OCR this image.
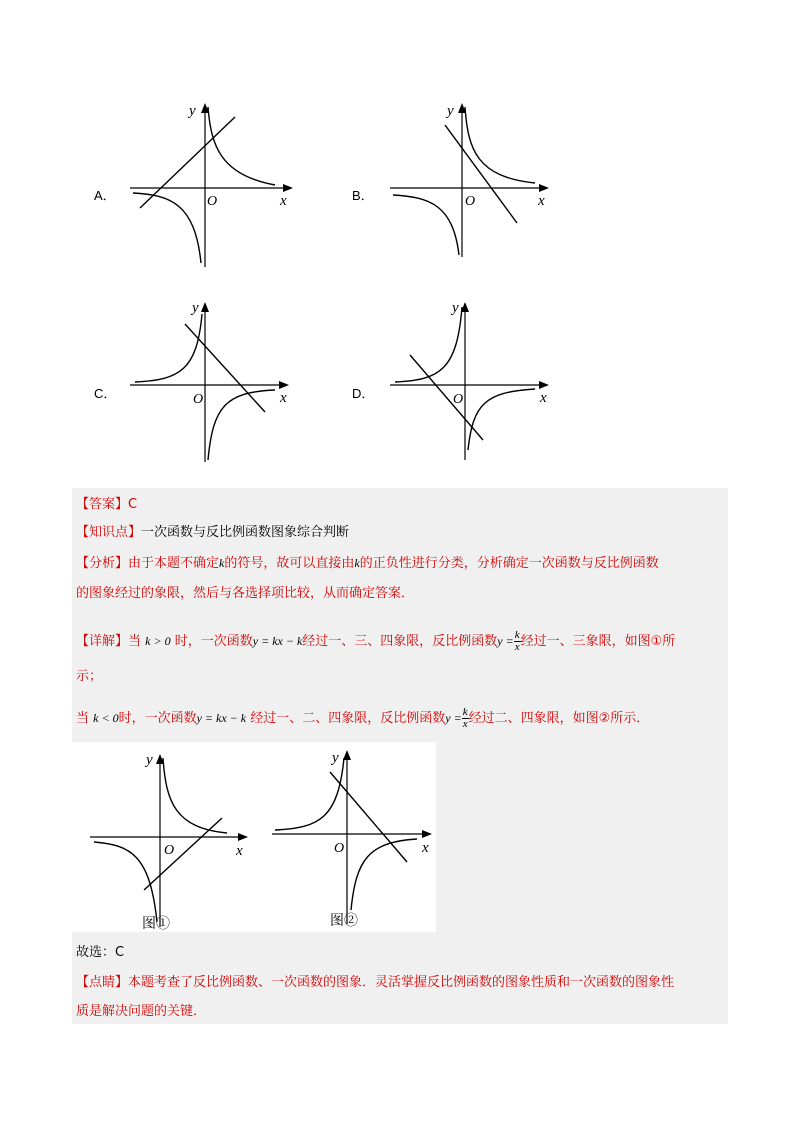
A．	B．
C．	D．
y
x
O
y
x
O
y
x
O
y
x
O
【答案】C
【知识点】一次函数与反比例函数图象综合判断
【分析】由于本题不确定k的符号，故可以直接由k的正负性进行分类，分析确定一次函数与反比例函数
的图象经过的象限，然后与各选择项比较，从而确定答案．
【详解】当 k > 0 时，一次函数y = kx − k经过一、三、四象限，反比例函数$y = \frac{k}{x}$ 经过一、三象限，如图①所
示；
当 k < 0时，一次函数y = kx − k 经过一、二、四象限，反比例函数$y = \frac{k}{x}$ 经过二、四象限，如图②所示．
y
x
O
图①
y
x
O
图②
故选：C
【点睛】本题考查了反比例函数、一次函数的图象．灵活掌握反比例函数的图象性质和一次函数的图象性
质是解决问题的关键．
